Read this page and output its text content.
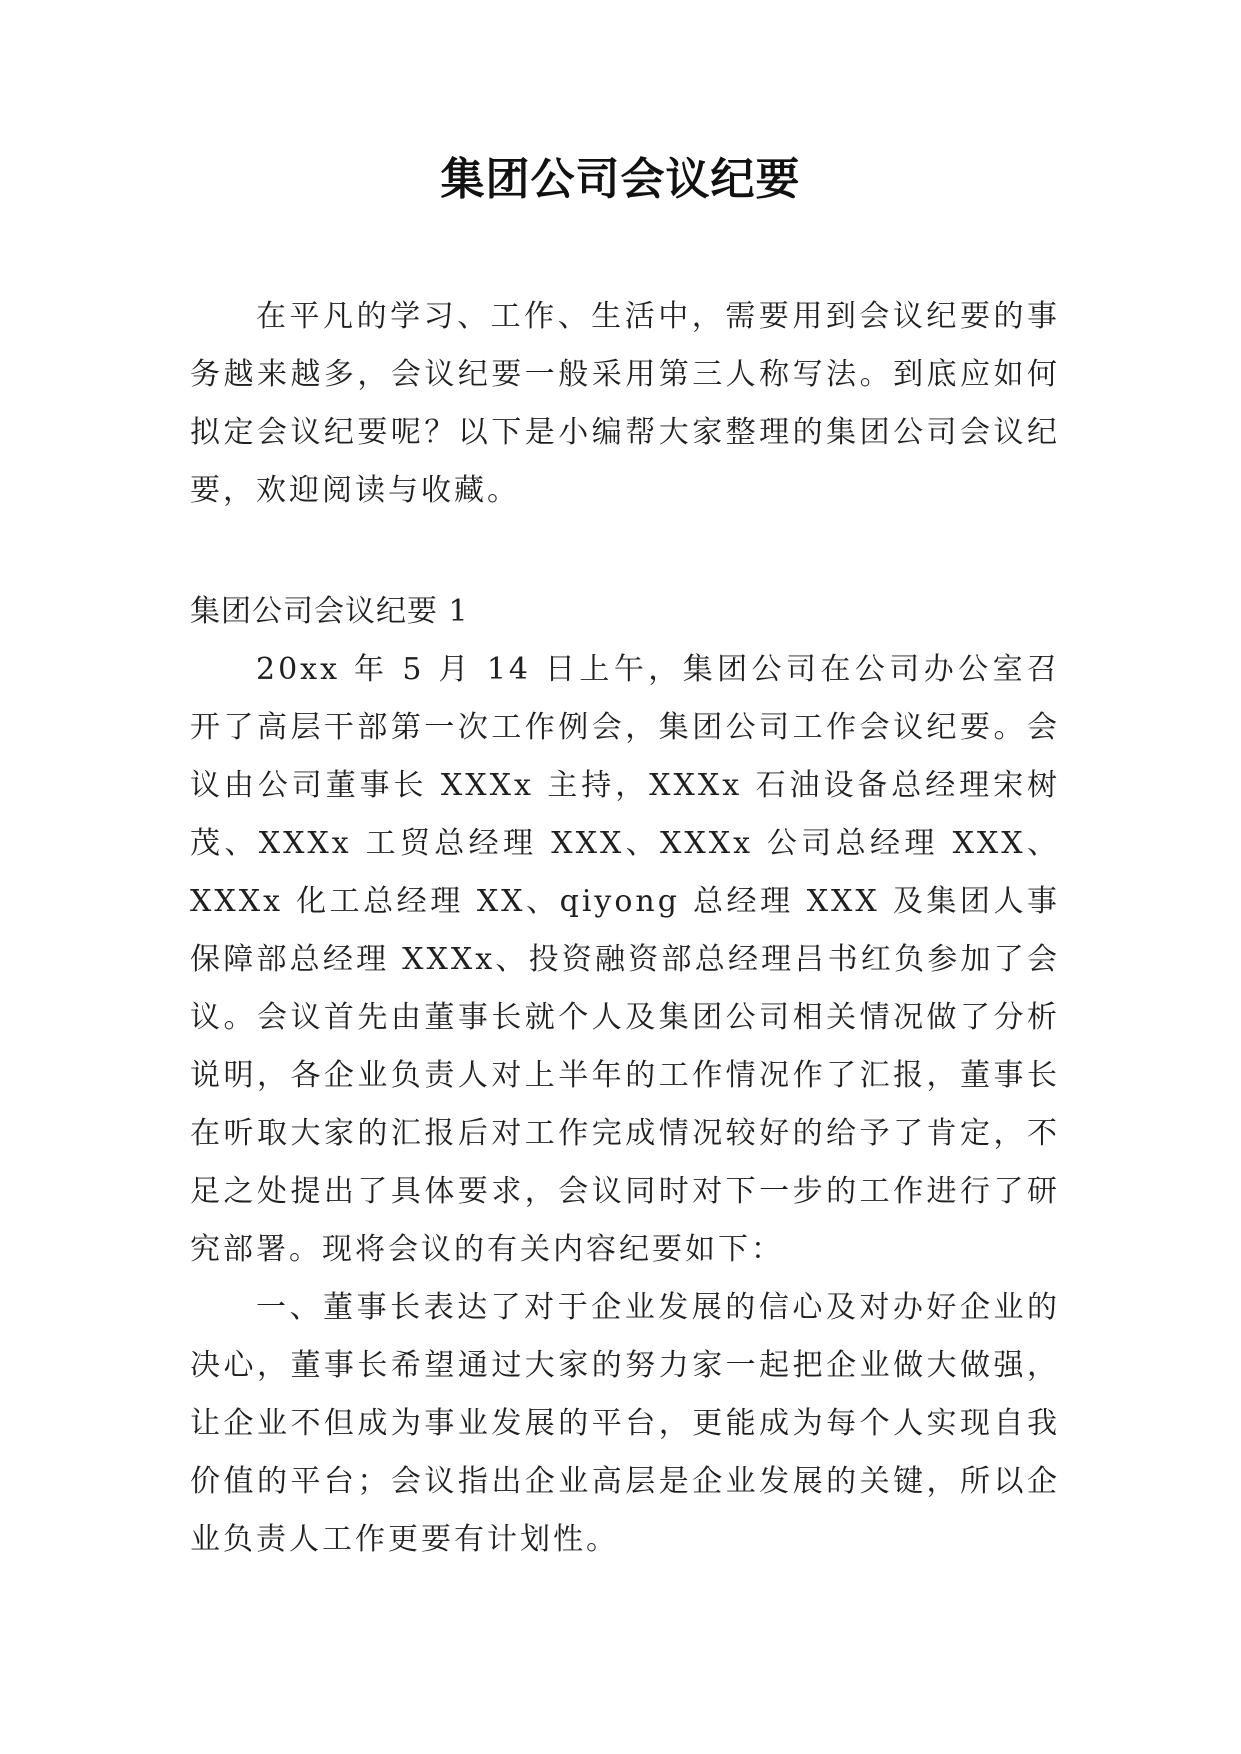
集团公司会议纪要
在平凡的学习、工作、生活中，需要用到会议纪要的事务越来越多，会议纪要一般采用第三人称写法。到底应如何拟定会议纪要呢？以下是小编帮大家整理的集团公司会议纪要，欢迎阅读与收藏。
集团公司会议纪要 1
20xx 年 5 月 14 日上午，集团公司在公司办公室召开了高层干部第一次工作例会，集团公司工作会议纪要。会议由公司董事长 XXXx 主持，XXXx 石油设备总经理宋树茂、XXXx 工贸总经理 XXX、XXXx 公司总经理 XXX、XXXx 化工总经理 XX、qiyong 总经理 XXX 及集团人事保障部总经理 XXXx、投资融资部总经理吕书红负参加了会议。会议首先由董事长就个人及集团公司相关情况做了分析说明，各企业负责人对上半年的工作情况作了汇报，董事长在听取大家的汇报后对工作完成情况较好的给予了肯定，不足之处提出了具体要求，会议同时对下一步的工作进行了研究部署。现将会议的有关内容纪要如下：
一、董事长表达了对于企业发展的信心及对办好企业的决心，董事长希望通过大家的努力家一起把企业做大做强，让企业不但成为事业发展的平台，更能成为每个人实现自我价值的平台；会议指出企业高层是企业发展的关键，所以企业负责人工作更要有计划性。
